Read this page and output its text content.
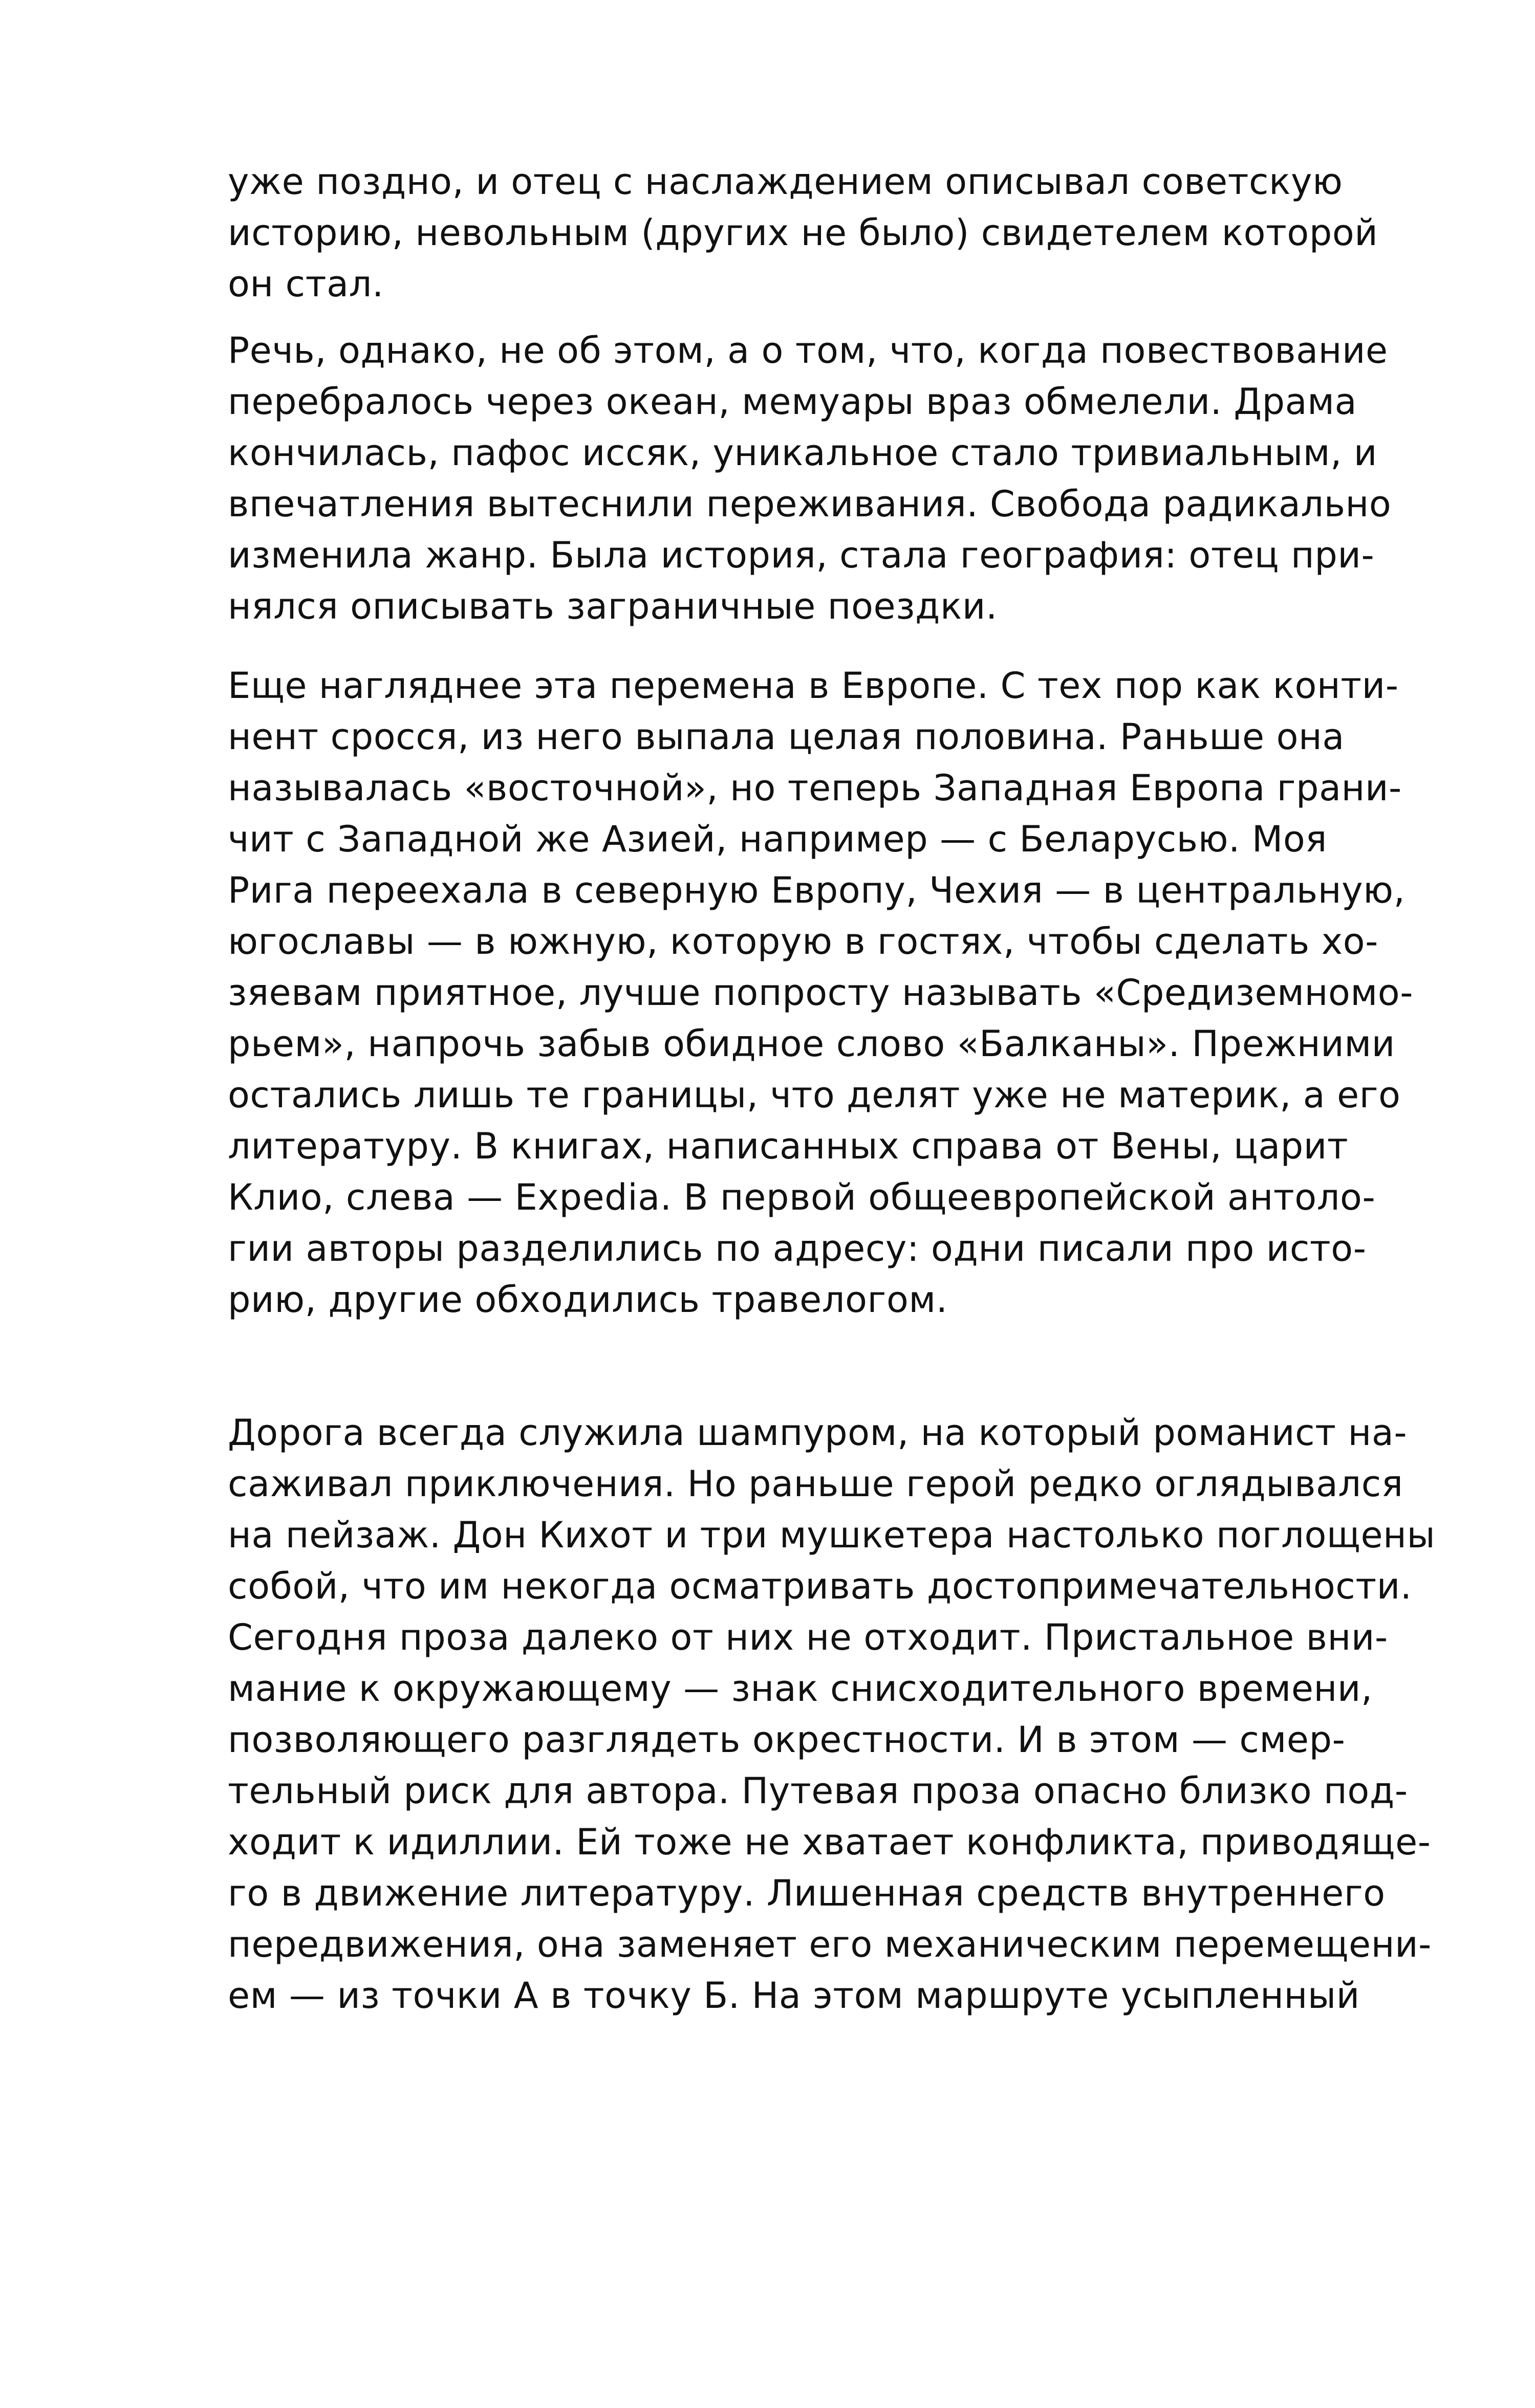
уже поздно, и отец с наслаждением описывал советскую
историю, невольным (других не было) свидетелем которой
он стал.
Речь, однако, не об этом, а о том, что, когда повествование
перебралось через океан, мемуары враз обмелели. Драма
кончилась, пафос иссяк, уникальное стало тривиальным, и
впечатления вытеснили переживания. Свобода радикально
изменила жанр. Была история, стала география: отец при-
нялся описывать заграничные поездки.
Еще нагляднее эта перемена в Европе. С тех пор как конти-
нент сросся, из него выпала целая половина. Раньше она
называлась «восточной», но теперь Западная Европа грани-
чит с Западной же Азией, например — с Беларусью. Моя
Рига переехала в северную Европу, Чехия — в центральную,
югославы — в южную, которую в гостях, чтобы сделать хо-
зяевам приятное, лучше попросту называть «Средиземномо-
рьем», напрочь забыв обидное слово «Балканы». Прежними
остались лишь те границы, что делят уже не материк, а его
литературу. В книгах, написанных справа от Вены, царит
Клио, слева — Expedia. В первой общеевропейской антоло-
гии авторы разделились по адресу: одни писали про исто-
рию, другие обходились травелогом.
Дорога всегда служила шампуром, на который романист на-
саживал приключения. Но раньше герой редко оглядывался
на пейзаж. Дон Кихот и три мушкетера настолько поглощены
собой, что им некогда осматривать достопримечательности.
Сегодня проза далеко от них не отходит. Пристальное вни-
мание к окружающему — знак снисходительного времени,
позволяющего разглядеть окрестности. И в этом — смер-
тельный риск для автора. Путевая проза опасно близко под-
ходит к идиллии. Ей тоже не хватает конфликта, приводяще-
го в движение литературу. Лишенная средств внутреннего
передвижения, она заменяет его механическим перемещени-
ем — из точки А в точку Б. На этом маршруте усыпленный
